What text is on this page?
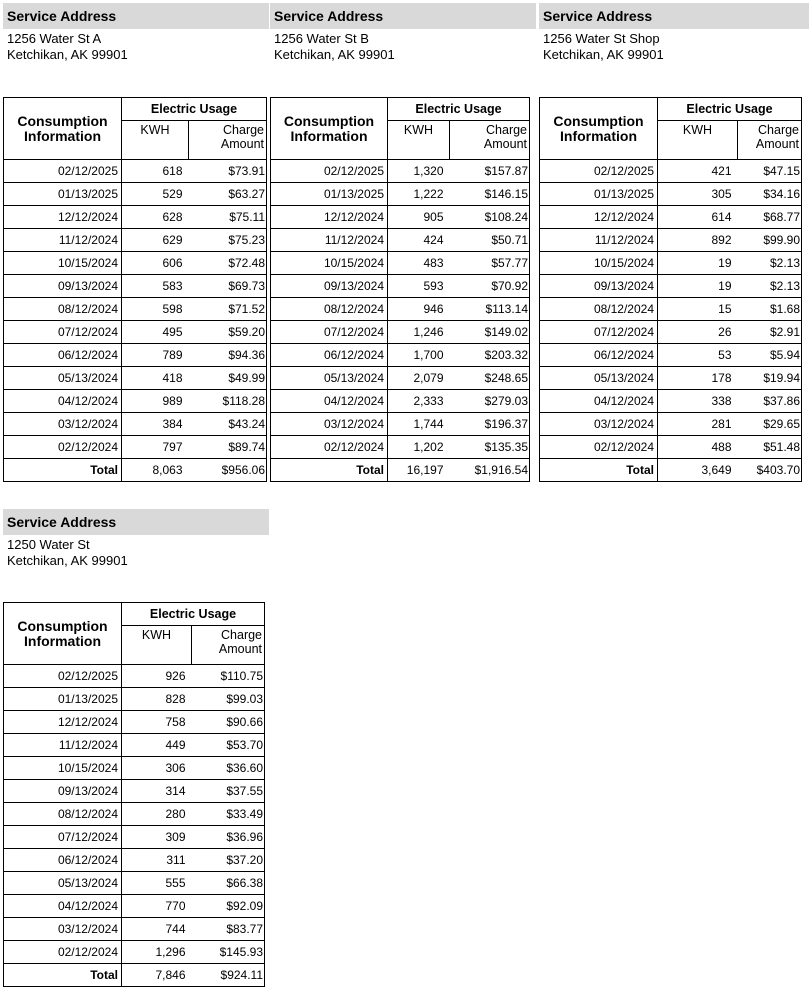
Service Address
1256 Water St A
Ketchikan, AK 99901
Consumption Information	Electric Usage	
	KWH	Charge Amount
02/12/2025	618	$73.91
01/13/2025	529	$63.27
12/12/2024	628	$75.11
11/12/2024	629	$75.23
10/15/2024	606	$72.48
09/13/2024	583	$69.73
08/12/2024	598	$71.52
07/12/2024	495	$59.20
06/12/2024	789	$94.36
05/13/2024	418	$49.99
04/12/2024	989	$118.28
03/12/2024	384	$43.24
02/12/2024	797	$89.74
Total	8,063	$956.06
Service Address
1256 Water St B
Ketchikan, AK 99901
Consumption Information	Electric Usage	
	KWH	Charge Amount
02/12/2025	1,320	$157.87
01/13/2025	1,222	$146.15
12/12/2024	905	$108.24
11/12/2024	424	$50.71
10/15/2024	483	$57.77
09/13/2024	593	$70.92
08/12/2024	946	$113.14
07/12/2024	1,246	$149.02
06/12/2024	1,700	$203.32
05/13/2024	2,079	$248.65
04/12/2024	2,333	$279.03
03/12/2024	1,744	$196.37
02/12/2024	1,202	$135.35
Total	16,197	$1,916.54
Service Address
1256 Water St Shop
Ketchikan, AK 99901
Consumption Information	Electric Usage	
	KWH	Charge Amount
02/12/2025	421	$47.15
01/13/2025	305	$34.16
12/12/2024	614	$68.77
11/12/2024	892	$99.90
10/15/2024	19	$2.13
09/13/2024	19	$2.13
08/12/2024	15	$1.68
07/12/2024	26	$2.91
06/12/2024	53	$5.94
05/13/2024	178	$19.94
04/12/2024	338	$37.86
03/12/2024	281	$29.65
02/12/2024	488	$51.48
Total	3,649	$403.70
Service Address
1250 Water St
Ketchikan, AK 99901
Consumption Information	Electric Usage	
	KWH	Charge Amount
02/12/2025	926	$110.75
01/13/2025	828	$99.03
12/12/2024	758	$90.66
11/12/2024	449	$53.70
10/15/2024	306	$36.60
09/13/2024	314	$37.55
08/12/2024	280	$33.49
07/12/2024	309	$36.96
06/12/2024	311	$37.20
05/13/2024	555	$66.38
04/12/2024	770	$92.09
03/12/2024	744	$83.77
02/12/2024	1,296	$145.93
Total	7,846	$924.11
